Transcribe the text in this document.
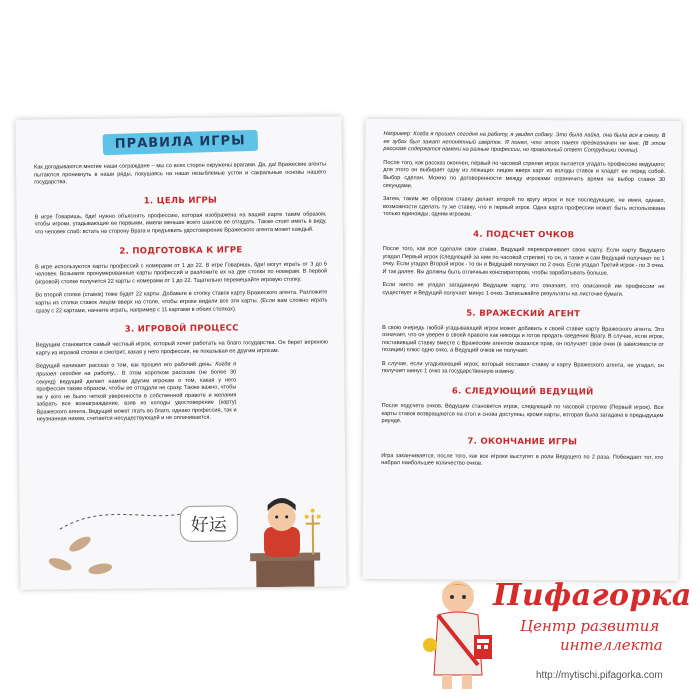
ПРАВИЛА ИГРЫ

Как догадываются многие наши сограждане – мы со всех сторон окружены врагами. Да, да! Вражеские агенты пытаются проникнуть в наши ряды, покушаясь на наши незыблемые устои и сакральные основы нашего государства.

1. ЦЕЛЬ ИГРЫ

В игре Говаришь, бди! нужно объяснять профессию, которая изображена на вашей карте таким образом, чтобы игроки, угадывающие ее первыми, имели меньше всего шансов ее отгадать. Также стоит иметь в виду, что человек слаб: встать на сторону Врага и предъявить удостоверение Вражеского агента может каждый.

2. ПОДГОТОВКА К ИГРЕ

В игре используются карты профессий с номерами от 1 до 22. В игре Говаришь, бди! могут играть от 3 до 6 человек. Возьмите пронумерованные карты профессий и разложите их на две стопки по номерам. В первой (игровой) стопке получится 22 карты с номерами от 1 до 22. Тщательно перемешайте игровую стопку.

Во второй стопке (ставок) тоже будет 22 карты. Добавьте в стопку ставок карту Вражеского агента. Разложите карты из стопки ставок лицом вверх на столе, чтобы игроки видели все эти карты. (Если вам сложно играть сразу с 22 картами, начните играть, например с 11 картами в обеих стопках).

3. ИГРОВОЙ ПРОЦЕСС

Ведущим становится самый честный игрок, который хочет работать на благо государства. Он берет верхнюю карту из игровой стопки и смотрит, какая у него профессия, не показывая ее другим игрокам.

Ведущий начинает рассказ о том, как прошел его рабочий день: Когда я пришел сегодня на работу... В этом коротком рассказе (не более 30 секунд) ведущий делает намеки другим игрокам о том, какая у него профессия таким образом, чтобы ее отгадали не сразу. Также важно, чтобы ни у кого не было четкой уверенности в собственной правоте и желания забрать все вознаграждение, взяв из колоды удостоверение (карту) Вражеского агента. Ведущий может лгать во благо, однако профессия, так и неузнанная никем, считается несуществующей и не оплачивается.

好运

Например: Когда я пришел сегодня на работу, я увидел собаку. Это была лайка, она была вся в снегу. В ее зубах был зажат непонятный сверток. Я понял, что этот пакет предназначен не мне. (В этом рассказе содержатся намеки на разные профессии, но правильный ответ Сотрудники почты).

После того, как рассказ окончен, первый по часовой стрелке игрок пытается угадать профессию ведущего; для этого он выбирает одну из лежащих лицом вверх карт из колоды ставок и кладет ее перед собой. Выбор сделан. Можно по договоренности между игроками ограничить время на выбор ставки 30 секундами.

Затем, таким же образом ставку делает второй по кругу игрок и все последующие, не имея, однако, возможности сделать ту же ставку, что и первый игрок. Одна карта профессии может быть использована только единожды, одним игроком.

4. ПОДСЧЕТ ОЧКОВ

После того, как все сделали свои ставки, Ведущий переворачивает свою карту. Если карту Ведущего угадал Первый игрок (следующий за ним по часовой стрелке) то он, а также и сам Ведущий получают по 1 очку. Если угадал Второй игрок - то он и Ведущий получают по 2 очка. Если угадал Третий игрок - по 3 очка. И так далее. Вы должны быть отличным конспиратором, чтобы зарабатывать больше.

Если никто не угадал загаданную Ведущим карту, это означает, что описанной им профессии не существует и Ведущий получает минус 1 очко. Записывайте результаты на листочке бумаги.

5. ВРАЖЕСКИЙ АГЕНТ

В свою очередь любой угадывающий игрок может добавить к своей ставке карту Вражеского агента. Это означает, что он уверен в своей правоте как никогда и готов продать сведения Врагу. В случае, если игрок, поставивший ставку вместе с Вражеским агентом оказался прав, он получает свои очки (в зависимости от позиции) плюс одно очко, а Ведущий очков не получает.

В случае, если угадывающий игрок, который поставил ставку и карту Вражеского агента, не угадал, он получает минус 1 очко за государственную измену.

6. СЛЕДУЮЩИЙ ВЕДУЩИЙ

После подсчета очков, Ведущим становится игрок, следующий по часовой стрелке (Первый игрок). Все карты ставок возвращаются на стол и снова доступны, кроме карты, которая была загадана в предыдущем раунде.

7. ОКОНЧАНИЕ ИГРЫ

Игра заканчивается, после того, как все игроки выступят в роли Ведущего по 2 раза. Побеждает тот, кто набрал наибольшее количество очков.

Пифагорка
Центр развития
интеллекта
http://mytischi.pifagorka.com
